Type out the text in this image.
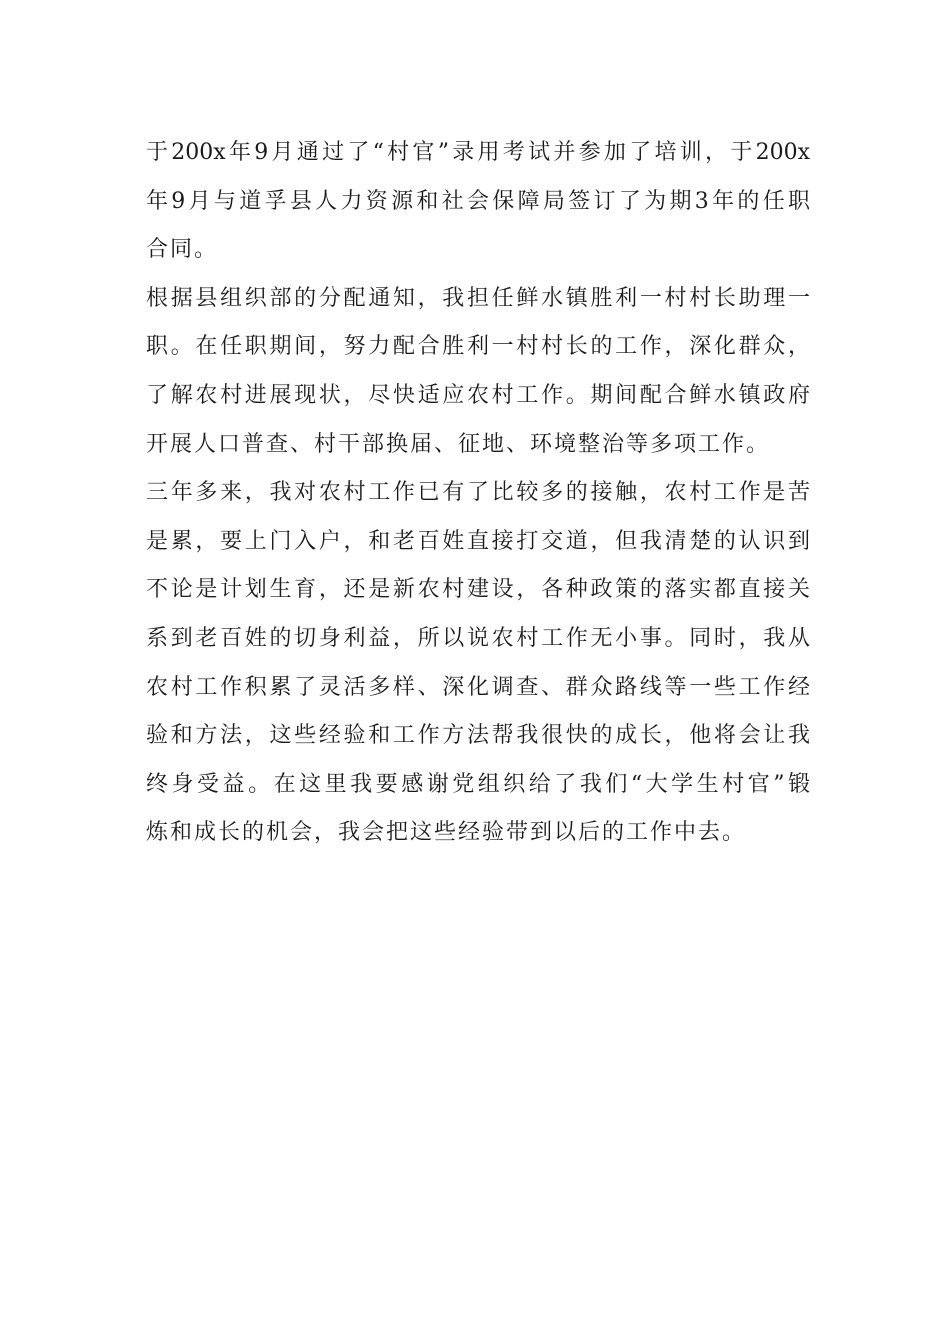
于200x年9月通过了“村官”录用考试并参加了培训，于200x
年9月与道孚县人力资源和社会保障局签订了为期3年的任职
合同。
根据县组织部的分配通知，我担任鲜水镇胜利一村村长助理一
职。在任职期间，努力配合胜利一村村长的工作，深化群众，
了解农村进展现状，尽快适应农村工作。期间配合鲜水镇政府
开展人口普查、村干部换届、征地、环境整治等多项工作。
三年多来，我对农村工作已有了比较多的接触，农村工作是苦
是累，要上门入户，和老百姓直接打交道，但我清楚的认识到
不论是计划生育，还是新农村建设，各种政策的落实都直接关
系到老百姓的切身利益，所以说农村工作无小事。同时，我从
农村工作积累了灵活多样、深化调查、群众路线等一些工作经
验和方法，这些经验和工作方法帮我很快的成长，他将会让我
终身受益。在这里我要感谢党组织给了我们“大学生村官”锻
炼和成长的机会，我会把这些经验带到以后的工作中去。
